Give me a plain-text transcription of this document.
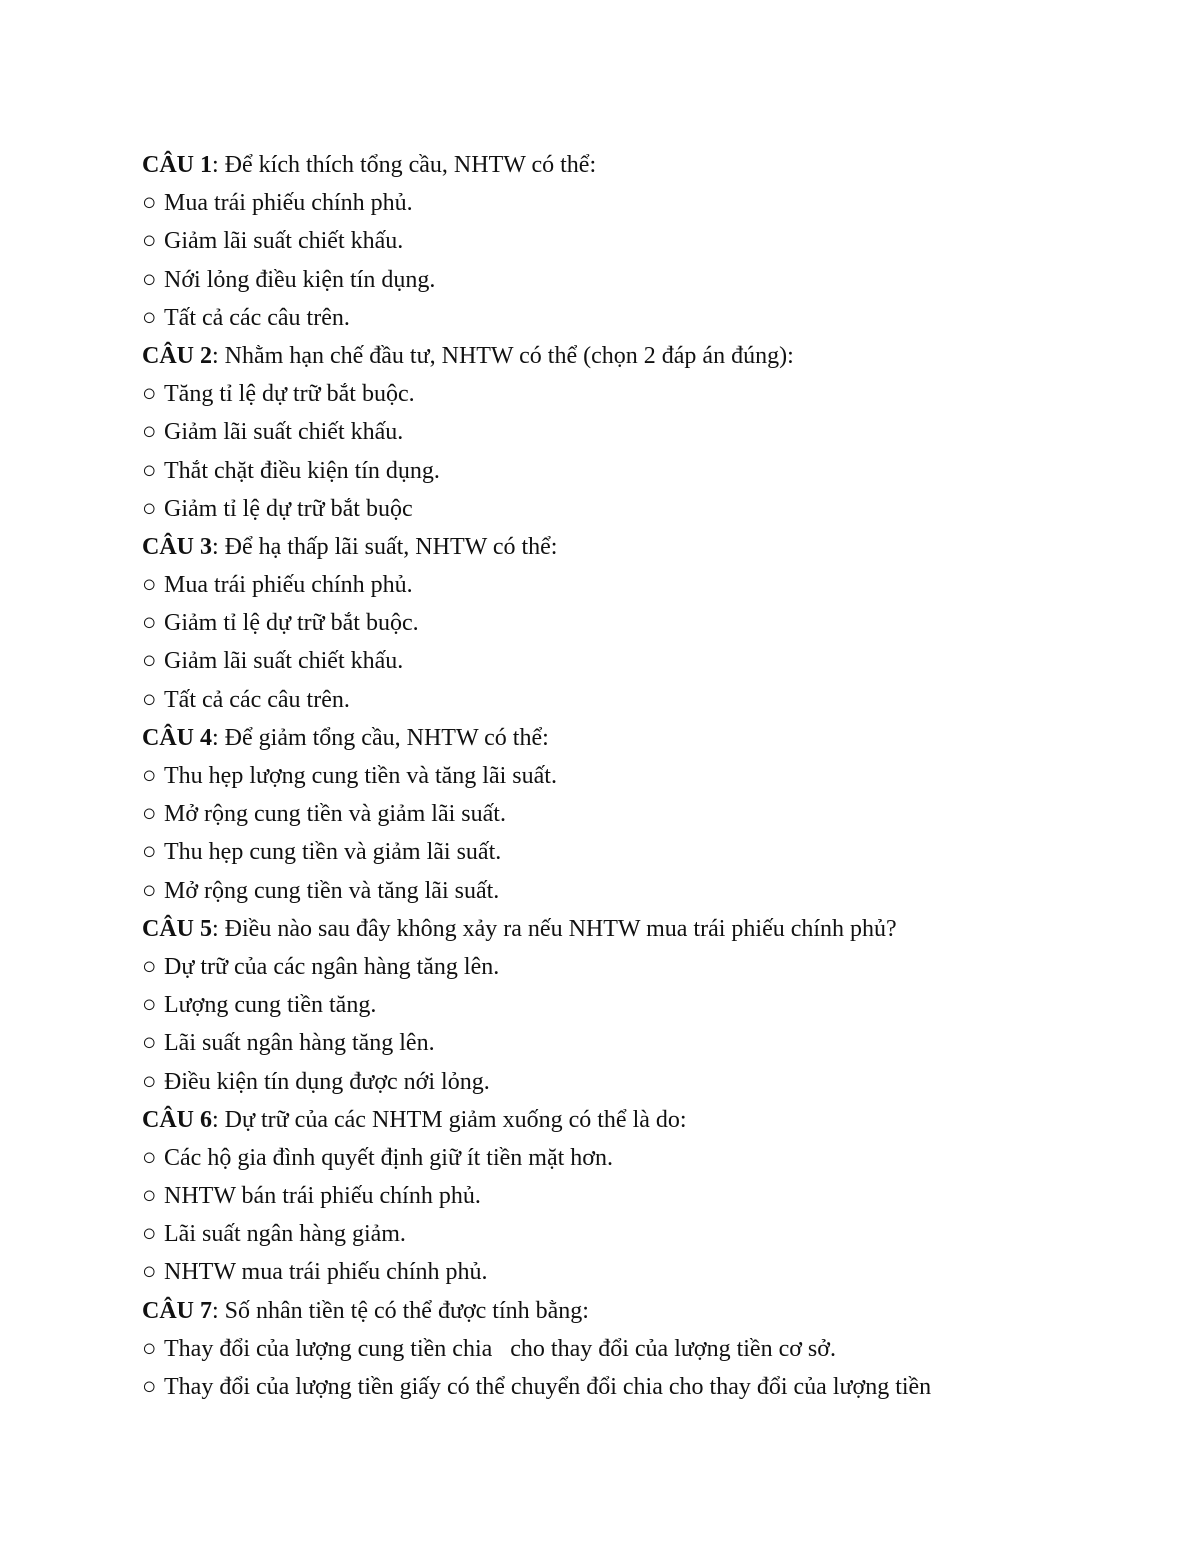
CÂU 1: Để kích thích tổng cầu, NHTW có thể:
○ Mua trái phiếu chính phủ.
○ Giảm lãi suất chiết khấu.
○ Nới lỏng điều kiện tín dụng.
○ Tất cả các câu trên.
CÂU 2: Nhằm hạn chế đầu tư, NHTW có thể (chọn 2 đáp án đúng):
○ Tăng tỉ lệ dự trữ bắt buộc.
○ Giảm lãi suất chiết khấu.
○ Thắt chặt điều kiện tín dụng.
○ Giảm tỉ lệ dự trữ bắt buộc
CÂU 3: Để hạ thấp lãi suất, NHTW có thể:
○ Mua trái phiếu chính phủ.
○ Giảm tỉ lệ dự trữ bắt buộc.
○ Giảm lãi suất chiết khấu.
○ Tất cả các câu trên.
CÂU 4: Để giảm tổng cầu, NHTW có thể:
○ Thu hẹp lượng cung tiền và tăng lãi suất.
○ Mở rộng cung tiền và giảm lãi suất.
○ Thu hẹp cung tiền và giảm lãi suất.
○ Mở rộng cung tiền và tăng lãi suất.
CÂU 5: Điều nào sau đây không xảy ra nếu NHTW mua trái phiếu chính phủ?
○ Dự trữ của các ngân hàng tăng lên.
○ Lượng cung tiền tăng.
○ Lãi suất ngân hàng tăng lên.
○ Điều kiện tín dụng được nới lỏng.
CÂU 6: Dự trữ của các NHTM giảm xuống có thể là do:
○ Các hộ gia đình quyết định giữ ít tiền mặt hơn.
○ NHTW bán trái phiếu chính phủ.
○ Lãi suất ngân hàng giảm.
○ NHTW mua trái phiếu chính phủ.
CÂU 7: Số nhân tiền tệ có thể được tính bằng:
○ Thay đổi của lượng cung tiền chia   cho thay đổi của lượng tiền cơ sở.
○ Thay đổi của lượng tiền giấy có thể chuyển đổi chia cho thay đổi của lượng tiền
